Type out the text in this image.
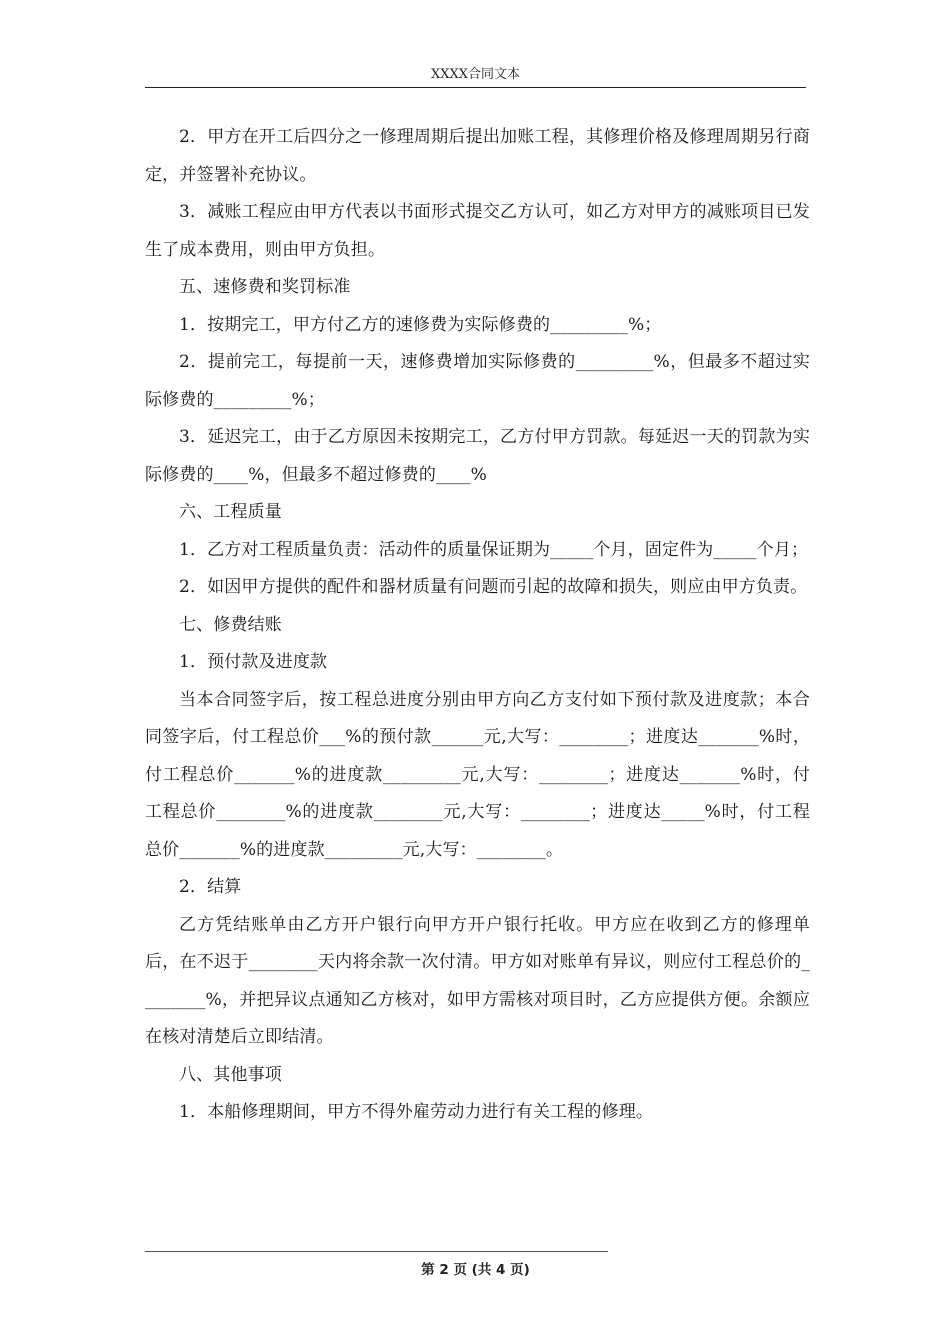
XXXX合同文本

2．甲方在开工后四分之一修理周期后提出加账工程，其修理价格及修理周期另行商定，并签署补充协议。

3．减账工程应由甲方代表以书面形式提交乙方认可，如乙方对甲方的减账项目已发生了成本费用，则由甲方负担。

五、速修费和奖罚标准

1．按期完工，甲方付乙方的速修费为实际修费的_________%；

2．提前完工，每提前一天，速修费增加实际修费的_________%，但最多不超过实际修费的_________%；

3．延迟完工，由于乙方原因未按期完工，乙方付甲方罚款。每延迟一天的罚款为实际修费的____%，但最多不超过修费的____%

六、工程质量

1．乙方对工程质量负责：活动件的质量保证期为_____个月，固定件为_____个月；

2．如因甲方提供的配件和器材质量有问题而引起的故障和损失，则应由甲方负责。

七、修费结账

1．预付款及进度款

当本合同签字后，按工程总进度分别由甲方向乙方支付如下预付款及进度款；本合同签字后，付工程总价___%的预付款______元,大写：________；进度达_______%时，付工程总价_______%的进度款_________元,大写：________；进度达_______%时，付工程总价________%的进度款________元,大写：________；进度达_____%时，付工程总价_______%的进度款_________元,大写：________。

2．结算

乙方凭结账单由乙方开户银行向甲方开户银行托收。甲方应在收到乙方的修理单后，在不迟于________天内将余款一次付清。甲方如对账单有异议，则应付工程总价的________%，并把异议点通知乙方核对，如甲方需核对项目时，乙方应提供方便。余额应在核对清楚后立即结清。

八、其他事项

1．本船修理期间，甲方不得外雇劳动力进行有关工程的修理。

第 2 页 (共 4 页)
